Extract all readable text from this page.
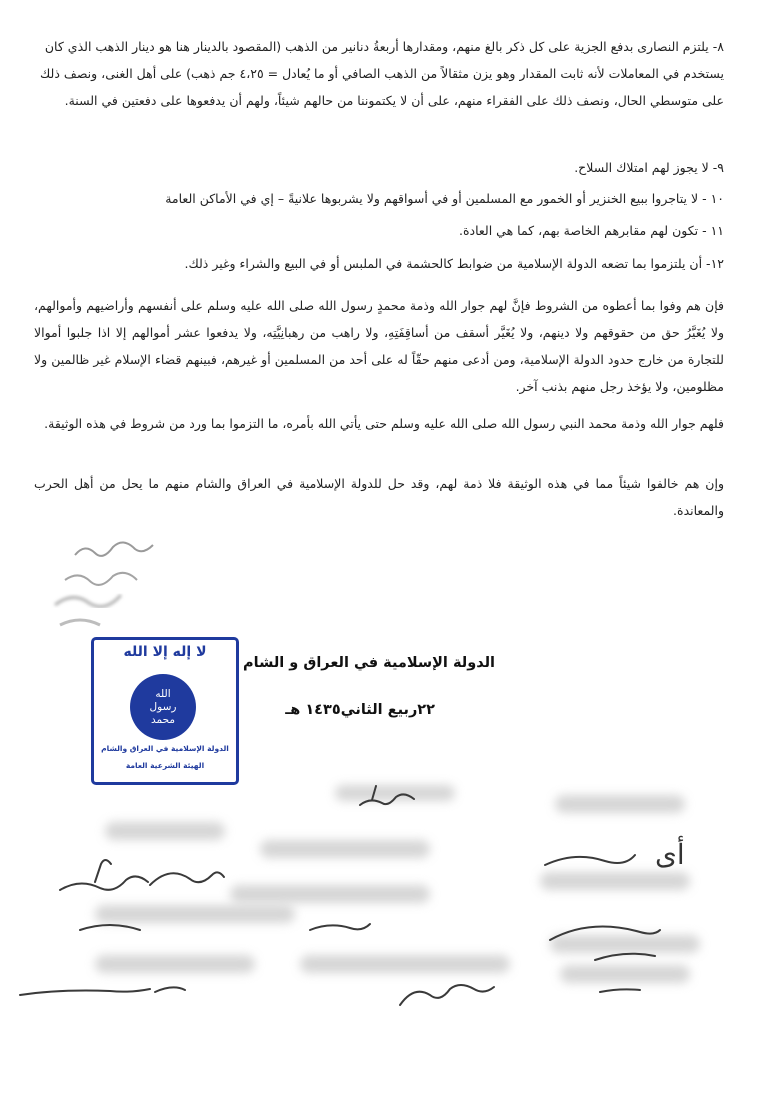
٨- يلتزم النصارى بدفع الجزية على كل ذكر بالغ منهم، ومقدارها أربعةُ دنانير من الذهب (المقصود بالدينار هنا هو دينار الذهب الذي كان يستخدم في المعاملات لأنه ثابت المقدار وهو يزن مثقالاً من الذهب الصافي أو ما يُعادل = ٤،٢٥ جم ذهب) على أهل الغنى، ونصف ذلك على متوسطي الحال، ونصف ذلك على الفقراء منهم، على أن لا يكتموننا من حالهم شيئاً، ولهم أن يدفعوها على دفعتين في السنة.
٩- لا يجوز لهم امتلاك السلاح.
١٠ - لا يتاجروا ببيع الخنزير أو الخمور مع المسلمين أو في أسواقهم ولا يشربوها علانيةً – إي في الأماكن العامة
١١ - تكون لهم مقابرهم الخاصة بهم، كما هي العادة.
١٢- أن يلتزموا بما تضعه الدولة الإسلامية من ضوابط كالحشمة في الملبس أو في البيع والشراء وغير ذلك.
فإن هم وفوا بما أعطوه من الشروط فإنَّ لهم جوار الله وذمة محمدٍ رسول الله صلى الله عليه وسلم على أنفسهم وأراضيهم وأموالهم، ولا يُغَيَّرُ حق من حقوقهم ولا دينهم، ولا يُغَيَّر أسقف من أساقِفَتِهِ، ولا راهب من رهبانِيَّتِه، ولا يدفعوا عشر أموالهم إلا اذا جلبوا أموالا للتجارة من خارج حدود الدولة الإسلامية، ومن أدعى منهم حقّاً له على أحد من المسلمين أو غيرهم، فبينهم قضاء الإسلام غير ظالمين ولا مظلومين، ولا يؤخذ رجل منهم بذنب آخر.
فلهم جوار الله وذمة محمد النبي رسول الله صلى الله عليه وسلم حتى يأتي الله بأمره، ما التزموا بما ورد من شروط في هذه الوثيقة.
وإن هم خالفوا شيئاً مما في هذه الوثيقة فلا ذمة لهم، وقد حل للدولة الإسلامية في العراق والشام منهم ما يحل من أهل الحرب والمعاندة.
الدولة الإسلامية في العراق و الشام
٢٢ربيع الثاني١٤٣٥ هـ
لا إله إلا الله
الله
رسول
محمد
الدولة الإسلامية في العراق والشام
الهيئة الشرعية العامة
أى
